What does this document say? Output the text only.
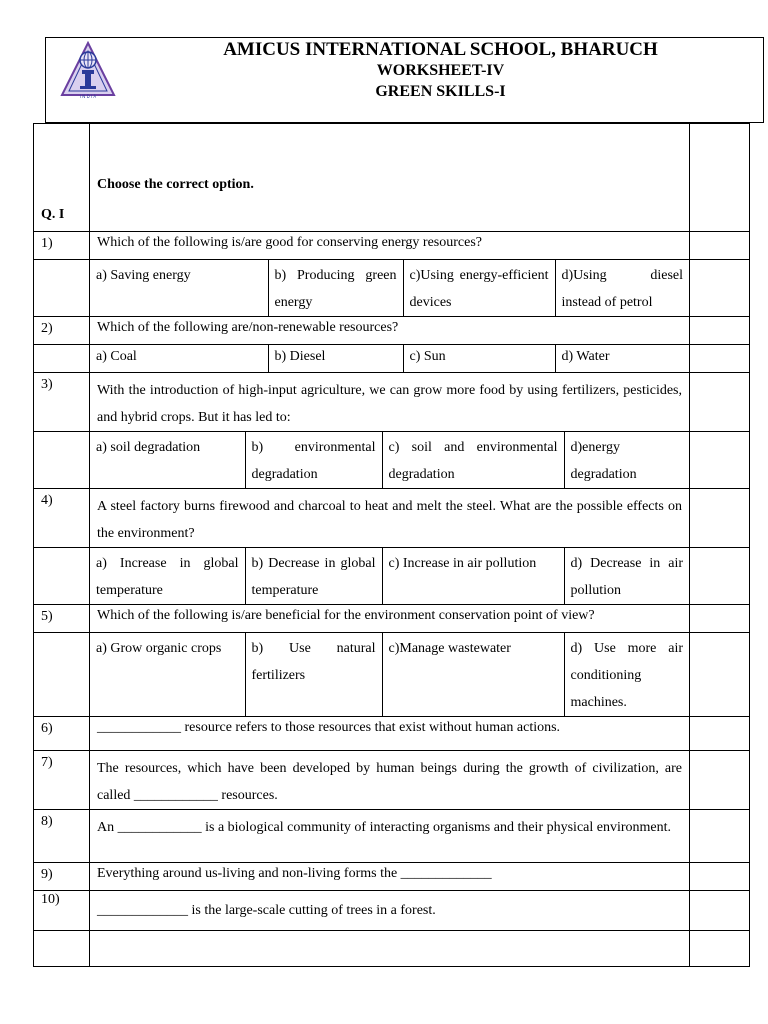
I N D I A
AMICUS INTERNATIONAL SCHOOL, BHARUCH
WORKSHEET-IV
GREEN SKILLS-I
Q. I	Choose the correct option.	
1)	Which of the following is/are good for conserving energy resources?	

a) Saving energy	b) Producing green energy	c)Using energy-efficient devices	d)Using diesel instead of petrol

2)	Which of the following are/non-renewable resources?	

a) Coal	b) Diesel	c) Sun	d) Water

3)	With the introduction of high-input agriculture, we can grow more food by using fertilizers, pesticides, and hybrid crops. But it has led to:	

a) soil degradation	b) environmental degradation	c) soil and environmental degradation	d)energy degradation

4)	A steel factory burns firewood and charcoal to heat and melt the steel. What are the possible effects on the environment?	

a) Increase in global temperature	b) Decrease in global temperature	c) Increase in air pollution	d) Decrease in air pollution

5)	Which of the following is/are beneficial for the environment conservation point of view?	

a) Grow organic crops	b) Use natural fertilizers	c)Manage wastewater	d) Use more air conditioning machines.

6)	____________ resource refers to those resources that exist without human actions.	
7)	The resources, which have been developed by human beings during the growth of civilization, are called ____________ resources.	
8)	An ____________ is a biological community of interacting organisms and their physical environment.	
9)	Everything around us-living and non-living forms the _____________	
10)	_____________ is the large-scale cutting of trees in a forest.	
